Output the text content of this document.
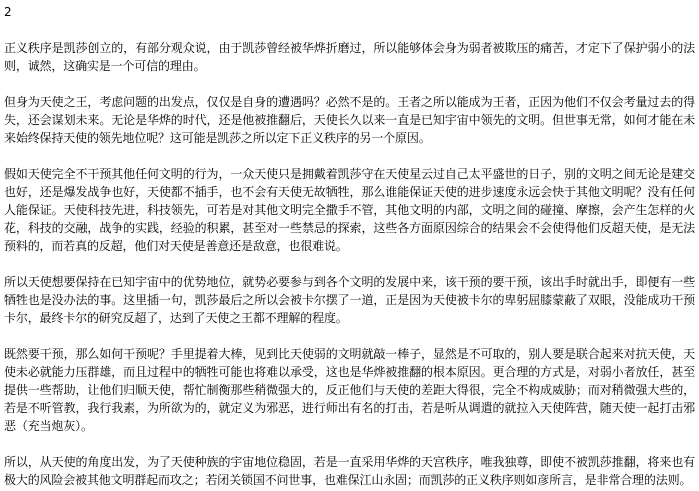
2

正义秩序是凯莎创立的，有部分观众说，由于凯莎曾经被华烨折磨过，所以能够体会身为弱者被欺压的痛苦，才定下了保护弱小的法则，诚然，这确实是一个可信的理由。

但身为天使之王，考虑问题的出发点，仅仅是自身的遭遇吗？必然不是的。王者之所以能成为王者，正因为他们不仅会考量过去的得失，还会谋划未来。无论是华烨的时代，还是他被推翻后，天使长久以来一直是已知宇宙中领先的文明。但世事无常，如何才能在未来始终保持天使的领先地位呢？这可能是凯莎之所以定下正义秩序的另一个原因。

假如天使完全不干预其他任何文明的行为，一众天使只是拥戴着凯莎守在天使星云过自己太平盛世的日子，别的文明之间无论是建交也好，还是爆发战争也好，天使都不插手，也不会有天使无故牺牲，那么谁能保证天使的进步速度永远会快于其他文明呢？没有任何人能保证。天使科技先进，科技领先，可若是对其他文明完全撒手不管，其他文明的内部，文明之间的碰撞、摩擦，会产生怎样的火花，科技的交融，战争的实践，经验的积累，甚至对一些禁忌的探索，这些各方面原因综合的结果会不会使得他们反超天使，是无法预料的，而若真的反超，他们对天使是善意还是敌意，也很难说。

所以天使想要保持在已知宇宙中的优势地位，就势必要参与到各个文明的发展中来，该干预的要干预，该出手时就出手，即便有一些牺牲也是没办法的事。这里插一句，凯莎最后之所以会被卡尔摆了一道，正是因为天使被卡尔的卑躬屈膝蒙蔽了双眼，没能成功干预卡尔，最终卡尔的研究反超了，达到了天使之王都不理解的程度。

既然要干预，那么如何干预呢？手里提着大棒，见到比天使弱的文明就敲一棒子，显然是不可取的，别人要是联合起来对抗天使，天使未必就能力压群雄，而且过程中的牺牲可能也将难以承受，这也是华烨被推翻的根本原因。更合理的方式是，对弱小者放任，甚至提供一些帮助，让他们归顺天使，帮忙制衡那些稍微强大的，反正他们与天使的差距大得很，完全不构成威胁；而对稍微强大些的，若是不听管教，我行我素，为所欲为的，就定义为邪恶，进行师出有名的打击，若是听从调遣的就拉入天使阵营，随天使一起打击邪恶（充当炮灰）。

所以，从天使的角度出发，为了天使种族的宇宙地位稳固，若是一直采用华烨的天宫秩序，唯我独尊，即使不被凯莎推翻，将来也有极大的风险会被其他文明群起而攻之；若闭关锁国不问世事，也难保江山永固；而凯莎的正义秩序则如彦所言，是非常合理的法则。
